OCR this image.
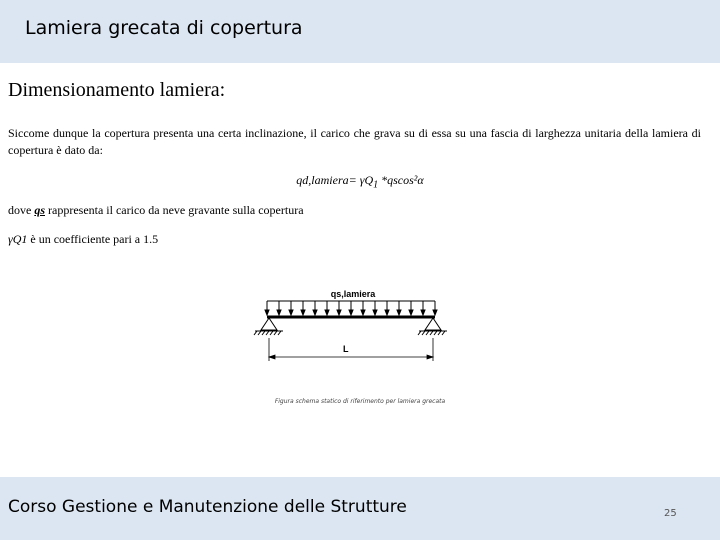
Lamiera grecata di copertura
Dimensionamento lamiera:
Siccome dunque la copertura presenta una certa inclinazione, il carico che grava su di essa su una fascia di larghezza unitaria della lamiera di copertura è dato da:
qd,lamiera= $\gamma Q_1$ *qscos²α
dove qs rappresenta il carico da neve gravante sulla copertura
γQ1 è un coefficiente pari a 1.5
qs,lamiera
L
Figura schema statico di riferimento per lamiera grecata
Corso Gestione e Manutenzione delle Strutture	25
